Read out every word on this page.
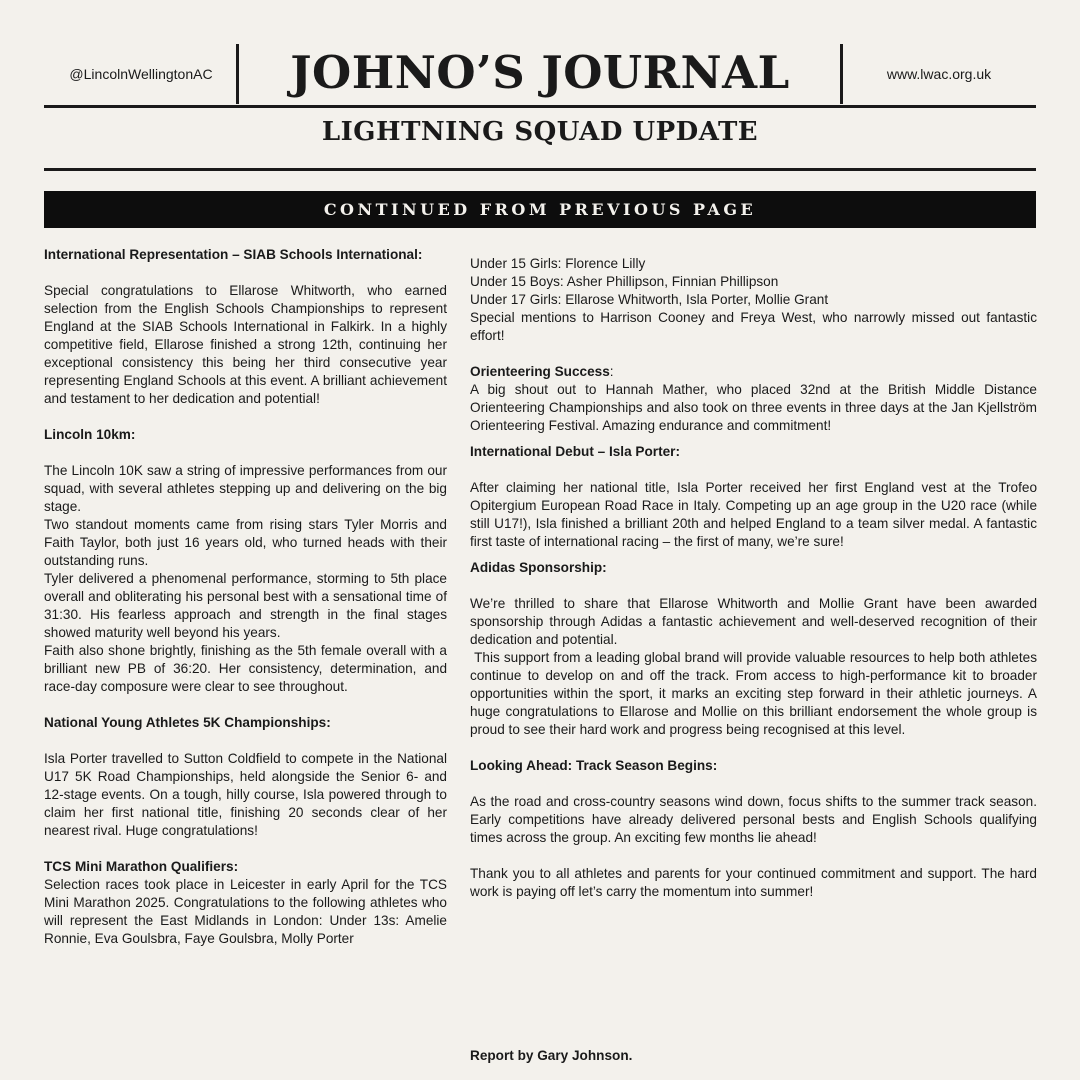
@LincolnWellingtonAC	JOHNO’S JOURNAL	www.lwac.org.uk
LIGHTNING SQUAD UPDATE
CONTINUED FROM PREVIOUS PAGE

International Representation – SIAB Schools International:

Special congratulations to Ellarose Whitworth, who earned selection from the English Schools Championships to represent England at the SIAB Schools International in Falkirk. In a highly competitive field, Ellarose finished a strong 12th, continuing her exceptional consistency this being her third consecutive year representing England Schools at this event. A brilliant achievement and testament to her dedication and potential!

Lincoln 10km:

The Lincoln 10K saw a string of impressive performances from our squad, with several athletes stepping up and delivering on the big stage.

Two standout moments came from rising stars Tyler Morris and Faith Taylor, both just 16 years old, who turned heads with their outstanding runs.

Tyler delivered a phenomenal performance, storming to 5th place overall and obliterating his personal best with a sensational time of 31:30. His fearless approach and strength in the final stages showed maturity well beyond his years.

Faith also shone brightly, finishing as the 5th female overall with a brilliant new PB of 36:20. Her consistency, determination, and race-day composure were clear to see throughout.

National Young Athletes 5K Championships:

Isla Porter travelled to Sutton Coldfield to compete in the National U17 5K Road Championships, held alongside the Senior 6- and 12-stage events. On a tough, hilly course, Isla powered through to claim her first national title, finishing 20 seconds clear of her nearest rival. Huge congratulations!

TCS Mini Marathon Qualifiers:

Selection races took place in Leicester in early April for the TCS Mini Marathon 2025. Congratulations to the following athletes who will represent the East Midlands in London: Under 13s: Amelie Ronnie, Eva Goulsbra, Faye Goulsbra, Molly Porter

Under 15 Girls: Florence Lilly

Under 15 Boys: Asher Phillipson, Finnian Phillipson

Under 17 Girls: Ellarose Whitworth, Isla Porter, Mollie Grant

Special mentions to Harrison Cooney and Freya West, who narrowly missed out fantastic effort!

Orienteering Success:

A big shout out to Hannah Mather, who placed 32nd at the British Middle Distance Orienteering Championships and also took on three events in three days at the Jan Kjellström Orienteering Festival. Amazing endurance and commitment!

International Debut – Isla Porter:

After claiming her national title, Isla Porter received her first England vest at the Trofeo Opitergium European Road Race in Italy. Competing up an age group in the U20 race (while still U17!), Isla finished a brilliant 20th and helped England to a team silver medal. A fantastic first taste of international racing – the first of many, we’re sure!

Adidas Sponsorship:

We’re thrilled to share that Ellarose Whitworth and Mollie Grant have been awarded sponsorship through Adidas a fantastic achievement and well-deserved recognition of their dedication and potential.

This support from a leading global brand will provide valuable resources to help both athletes continue to develop on and off the track. From access to high-performance kit to broader opportunities within the sport, it marks an exciting step forward in their athletic journeys. A huge congratulations to Ellarose and Mollie on this brilliant endorsement the whole group is proud to see their hard work and progress being recognised at this level.

Looking Ahead: Track Season Begins:

As the road and cross-country seasons wind down, focus shifts to the summer track season. Early competitions have already delivered personal bests and English Schools qualifying times across the group. An exciting few months lie ahead!

Thank you to all athletes and parents for your continued commitment and support. The hard work is paying off let’s carry the momentum into summer!

Report by Gary Johnson.
